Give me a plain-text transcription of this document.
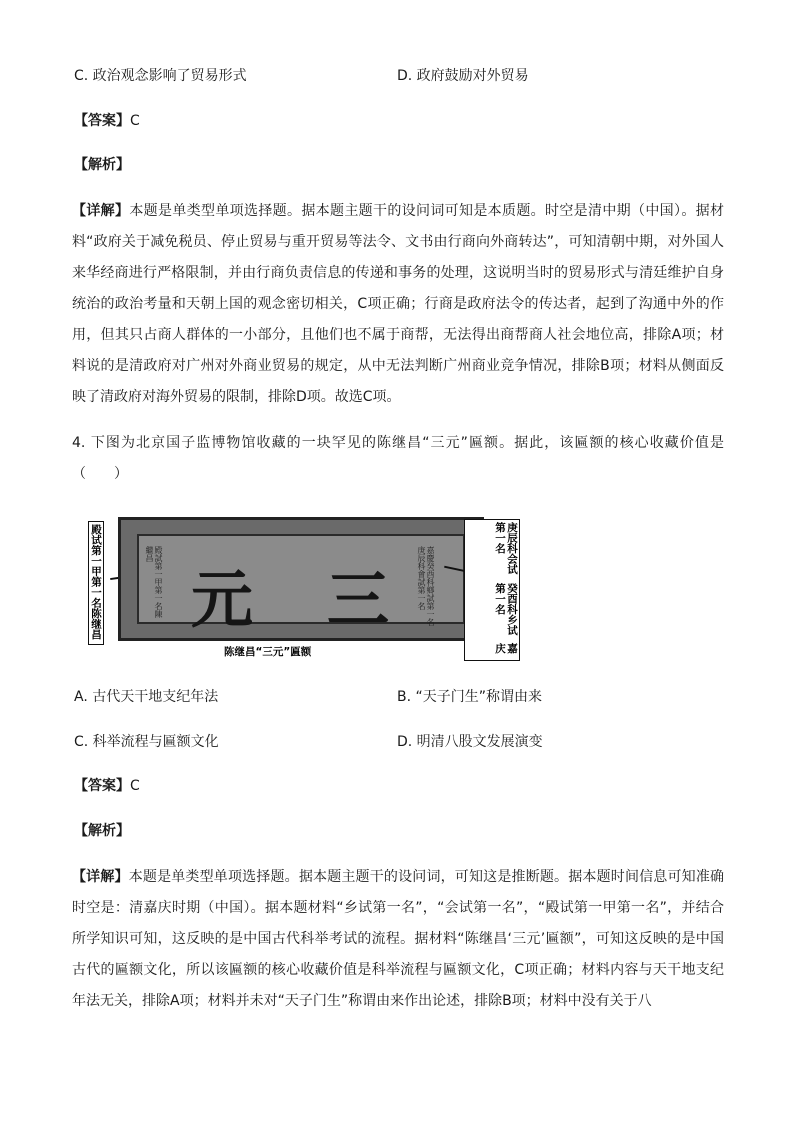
C. 政治观念影响了贸易形式	D. 政府鼓励对外贸易
【答案】C
【解析】
【详解】本题是单类型单项选择题。据本题主题干的设问词可知是本质题。时空是清中期（中国）。据材料“政府关于减免税员、停止贸易与重开贸易等法令、文书由行商向外商转达”，可知清朝中期，对外国人来华经商进行严格限制，并由行商负责信息的传递和事务的处理，这说明当时的贸易形式与清廷维护自身统治的政治考量和天朝上国的观念密切相关，C项正确；行商是政府法令的传达者，起到了沟通中外的作用，但其只占商人群体的一小部分，且他们也不属于商帮，无法得出商帮商人社会地位高，排除A项；材料说的是清政府对广州对外商业贸易的规定，从中无法判断广州商业竞争情况，排除B项；材料从侧面反映了清政府对海外贸易的限制，排除D项。故选C项。
4. 下图为北京国子监博物馆收藏的一块罕见的陈继昌“三元”匾额。据此，该匾额的核心收藏价值是（　　）
殿试第一甲第一名陈继昌	殿試第一甲第一名陳繼昌
元 三	嘉慶癸酉科鄉試第一名庚辰科會試第一名
嘉庆
癸酉科乡试第一名
庚辰科会试第一名
陈继昌“三元”匾额
A. 古代天干地支纪年法	B. “天子门生”称谓由来
C. 科举流程与匾额文化	D. 明清八股文发展演变
【答案】C
【解析】
【详解】本题是单类型单项选择题。据本题主题干的设问词，可知这是推断题。据本题时间信息可知准确时空是：清嘉庆时期（中国）。据本题材料“乡试第一名”，“会试第一名”，“殿试第一甲第一名”，并结合所学知识可知，这反映的是中国古代科举考试的流程。据材料“陈继昌‘三元’匾额”，可知这反映的是中国古代的匾额文化，所以该匾额的核心收藏价值是科举流程与匾额文化，C项正确；材料内容与天干地支纪年法无关，排除A项；材料并未对“天子门生”称谓由来作出论述，排除B项；材料中没有关于八
